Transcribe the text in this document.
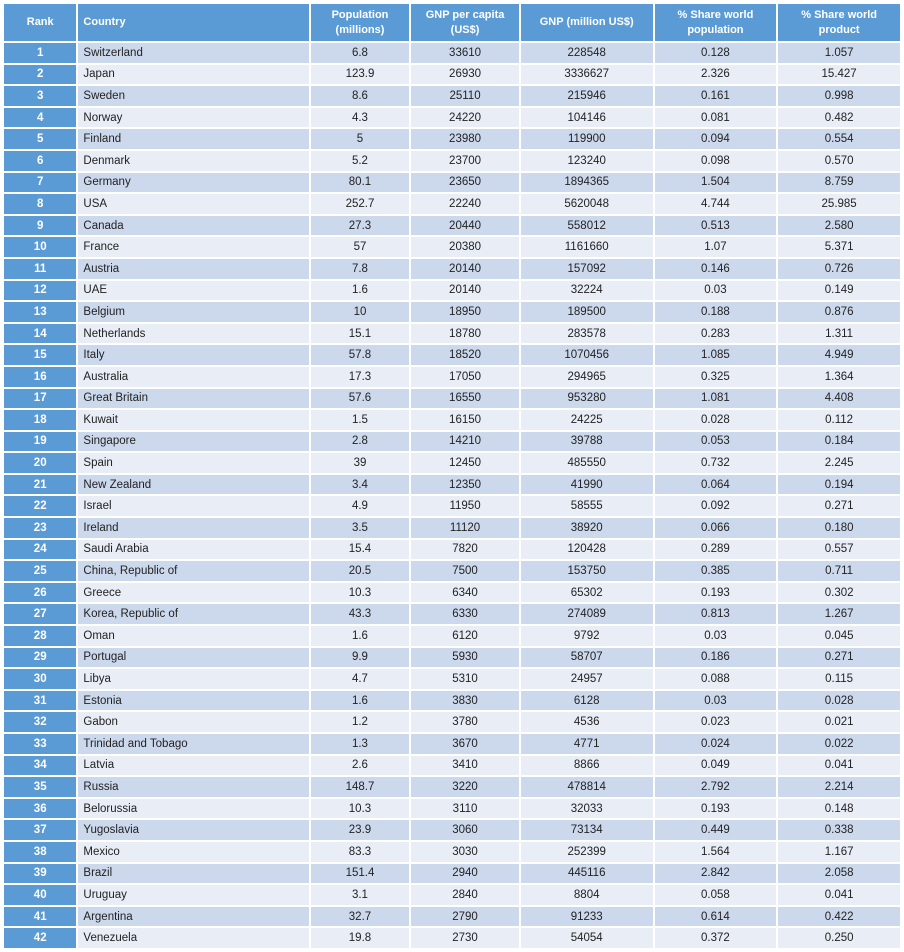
Rank	Country	Population (millions)	GNP per capita (US$)	GNP (million US$)	% Share world population	% Share world product
1	Switzerland	6.8	33610	228548	0.128	1.057
2	Japan	123.9	26930	3336627	2.326	15.427
3	Sweden	8.6	25110	215946	0.161	0.998
4	Norway	4.3	24220	104146	0.081	0.482
5	Finland	5	23980	119900	0.094	0.554
6	Denmark	5.2	23700	123240	0.098	0.570
7	Germany	80.1	23650	1894365	1.504	8.759
8	USA	252.7	22240	5620048	4.744	25.985
9	Canada	27.3	20440	558012	0.513	2.580
10	France	57	20380	1161660	1.07	5.371
11	Austria	7.8	20140	157092	0.146	0.726
12	UAE	1.6	20140	32224	0.03	0.149
13	Belgium	10	18950	189500	0.188	0.876
14	Netherlands	15.1	18780	283578	0.283	1.311
15	Italy	57.8	18520	1070456	1.085	4.949
16	Australia	17.3	17050	294965	0.325	1.364
17	Great Britain	57.6	16550	953280	1.081	4.408
18	Kuwait	1.5	16150	24225	0.028	0.112
19	Singapore	2.8	14210	39788	0.053	0.184
20	Spain	39	12450	485550	0.732	2.245
21	New Zealand	3.4	12350	41990	0.064	0.194
22	Israel	4.9	11950	58555	0.092	0.271
23	Ireland	3.5	11120	38920	0.066	0.180
24	Saudi Arabia	15.4	7820	120428	0.289	0.557
25	China, Republic of	20.5	7500	153750	0.385	0.711
26	Greece	10.3	6340	65302	0.193	0.302
27	Korea, Republic of	43.3	6330	274089	0.813	1.267
28	Oman	1.6	6120	9792	0.03	0.045
29	Portugal	9.9	5930	58707	0.186	0.271
30	Libya	4.7	5310	24957	0.088	0.115
31	Estonia	1.6	3830	6128	0.03	0.028
32	Gabon	1.2	3780	4536	0.023	0.021
33	Trinidad and Tobago	1.3	3670	4771	0.024	0.022
34	Latvia	2.6	3410	8866	0.049	0.041
35	Russia	148.7	3220	478814	2.792	2.214
36	Belorussia	10.3	3110	32033	0.193	0.148
37	Yugoslavia	23.9	3060	73134	0.449	0.338
38	Mexico	83.3	3030	252399	1.564	1.167
39	Brazil	151.4	2940	445116	2.842	2.058
40	Uruguay	3.1	2840	8804	0.058	0.041
41	Argentina	32.7	2790	91233	0.614	0.422
42	Venezuela	19.8	2730	54054	0.372	0.250
